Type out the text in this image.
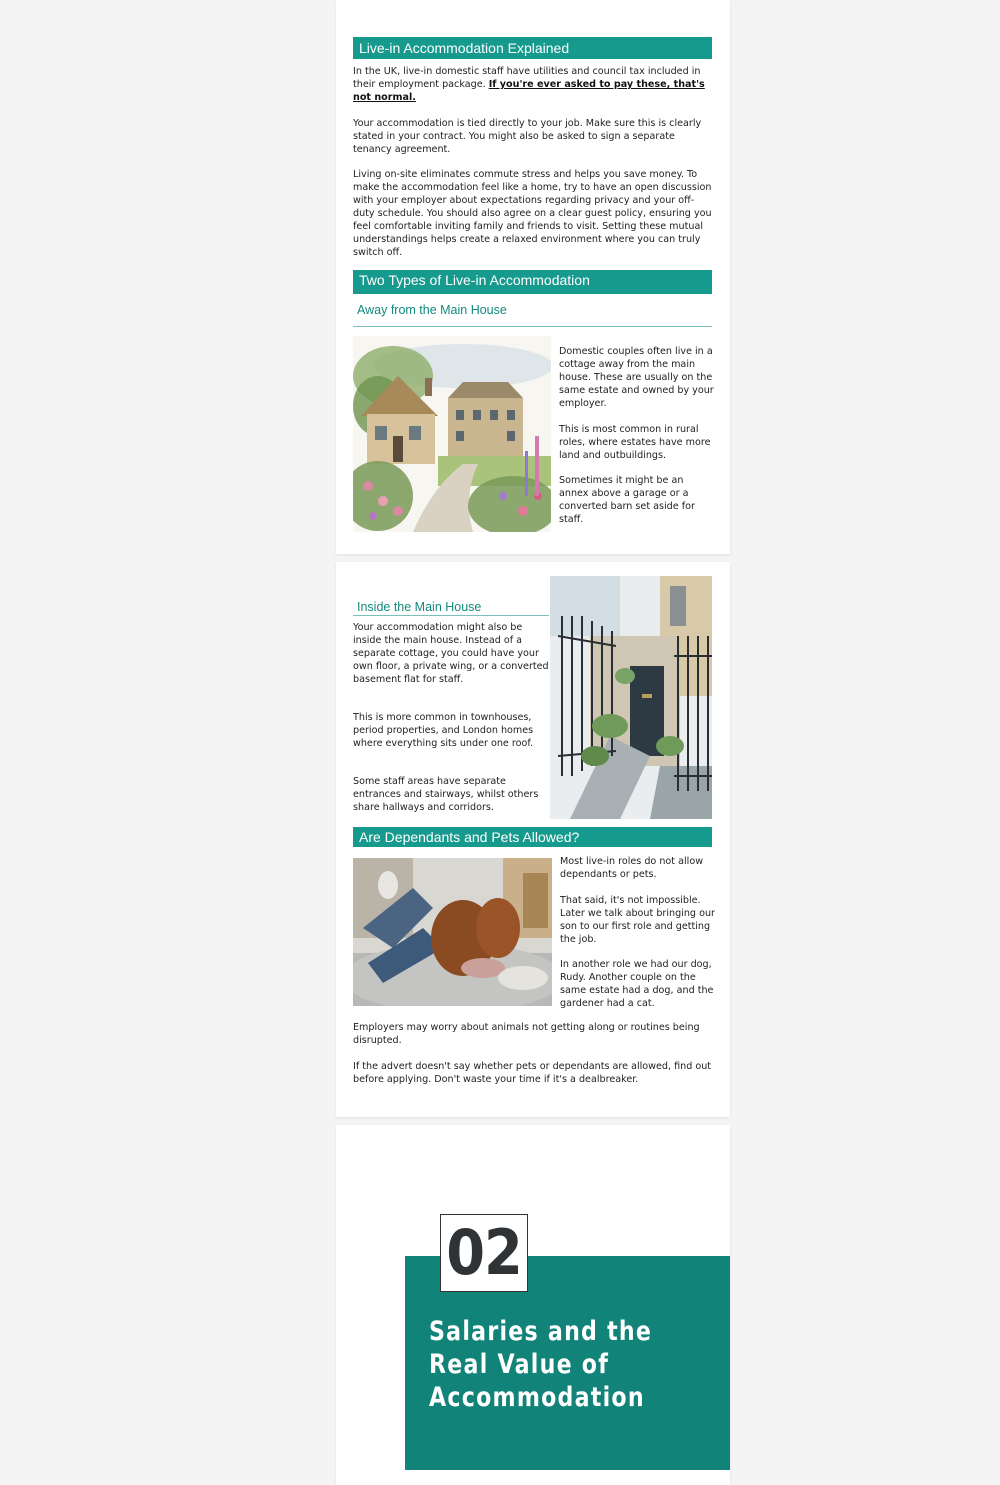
Live-in Accommodation Explained

In the UK, live-in domestic staff have utilities and council tax included in their employment package. If you're ever asked to pay these, that's not normal.

Your accommodation is tied directly to your job. Make sure this is clearly stated in your contract. You might also be asked to sign a separate tenancy agreement.

Living on-site eliminates commute stress and helps you save money. To make the accommodation feel like a home, try to have an open discussion with your employer about expectations regarding privacy and your off-duty schedule. You should also agree on a clear guest policy, ensuring you feel comfortable inviting family and friends to visit. Setting these mutual understandings helps create a relaxed environment where you can truly switch off.

Two Types of Live-in Accommodation
Away from the Main House

Domestic couples often live in a cottage away from the main house. These are usually on the same estate and owned by your employer.

This is most common in rural roles, where estates have more land and outbuildings.

Sometimes it might be an annex above a garage or a converted barn set aside for staff.

Inside the Main House

Your accommodation might also be inside the main house. Instead of a separate cottage, you could have your own floor, a private wing, or a converted basement flat for staff.

This is more common in townhouses, period properties, and London homes where everything sits under one roof.

Some staff areas have separate entrances and stairways, whilst others share hallways and corridors.

Are Dependants and Pets Allowed?

Most live-in roles do not allow dependants or pets.

That said, it's not impossible. Later we talk about bringing our son to our first role and getting the job.

In another role we had our dog, Rudy. Another couple on the same estate had a dog, and the gardener had a cat.

Employers may worry about animals not getting along or routines being disrupted.

If the advert doesn't say whether pets or dependants are allowed, find out before applying. Don't waste your time if it's a dealbreaker.

02
Salaries and the Real Value of Accommodation
